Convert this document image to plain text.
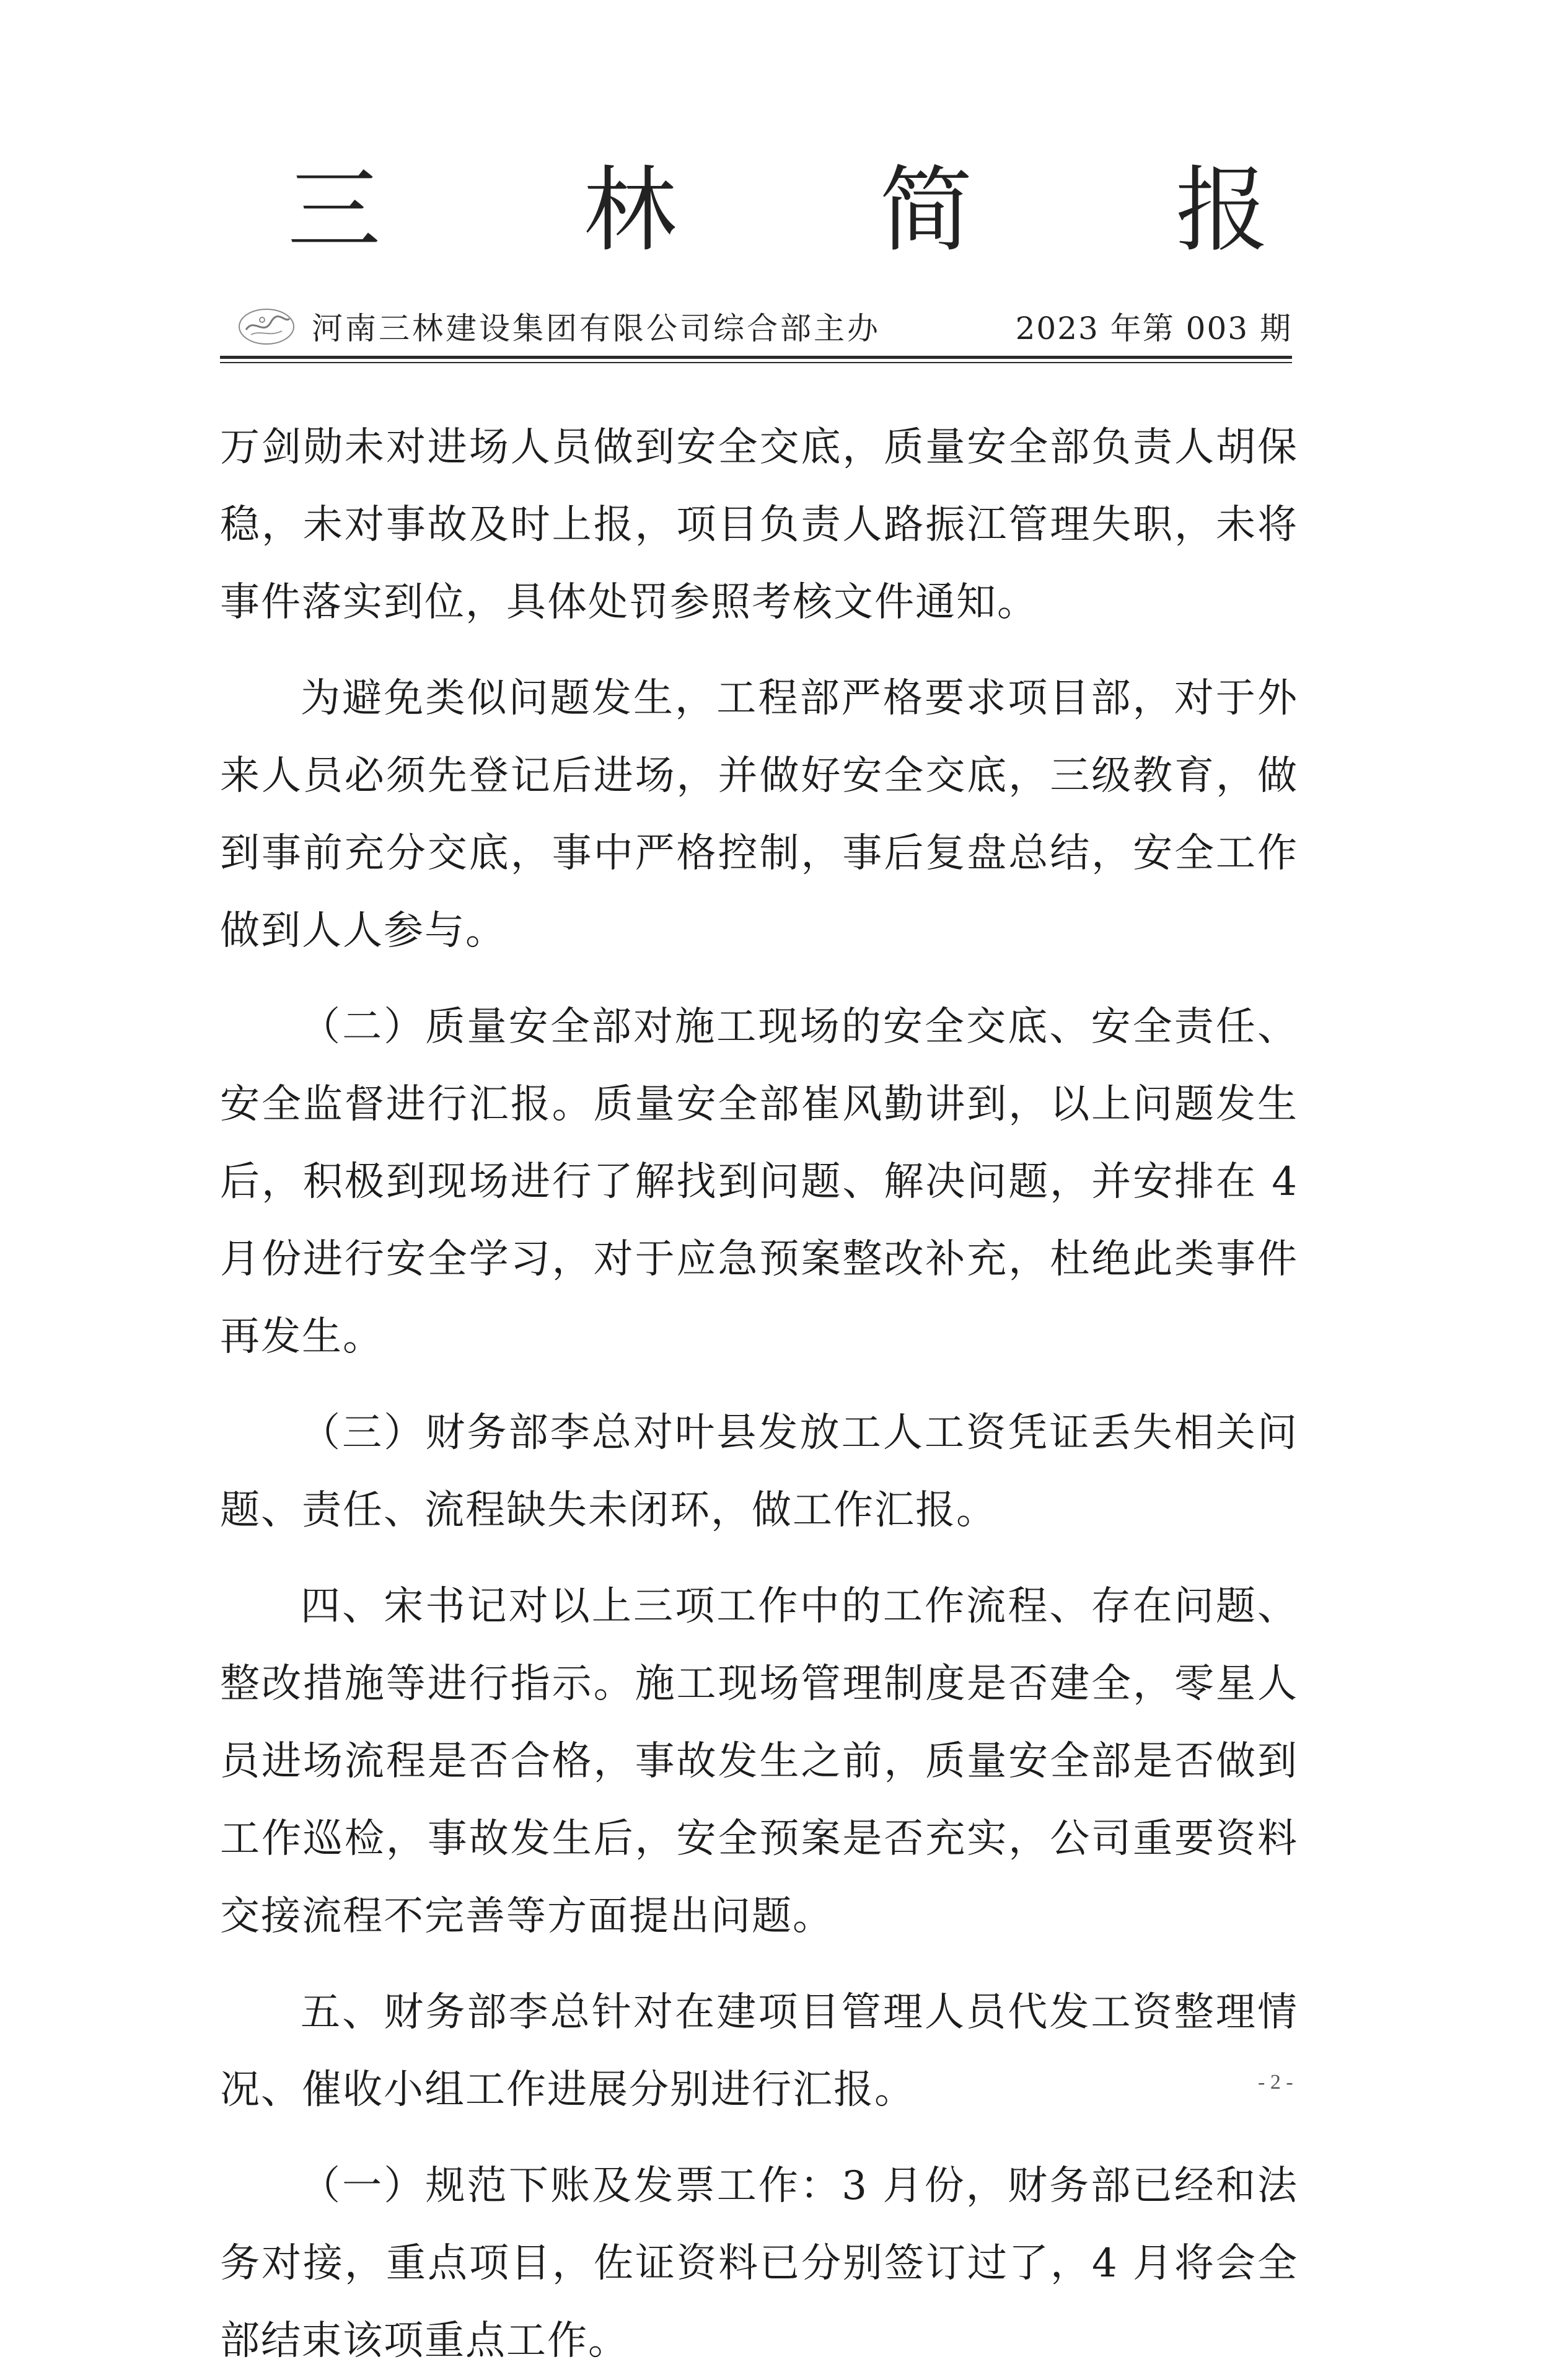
三 林 简 报
河南三林建设集团有限公司综合部主办	2023 年第 003 期

万剑勋未对进场人员做到安全交底，质量安全部负责人胡保稳，未对事故及时上报，项目负责人路振江管理失职，未将事件落实到位，具体处罚参照考核文件通知。

为避免类似问题发生，工程部严格要求项目部，对于外来人员必须先登记后进场，并做好安全交底，三级教育，做到事前充分交底，事中严格控制，事后复盘总结，安全工作做到人人参与。

（二）质量安全部对施工现场的安全交底、安全责任、安全监督进行汇报。质量安全部崔风勤讲到，以上问题发生后，积极到现场进行了解找到问题、解决问题，并安排在 4 月份进行安全学习，对于应急预案整改补充，杜绝此类事件再发生。

（三）财务部李总对叶县发放工人工资凭证丢失相关问题、责任、流程缺失未闭环，做工作汇报。

四、宋书记对以上三项工作中的工作流程、存在问题、整改措施等进行指示。施工现场管理制度是否建全，零星人员进场流程是否合格，事故发生之前，质量安全部是否做到工作巡检，事故发生后，安全预案是否充实，公司重要资料交接流程不完善等方面提出问题。

五、财务部李总针对在建项目管理人员代发工资整理情况、催收小组工作进展分别进行汇报。

（一）规范下账及发票工作：3 月份，财务部已经和法务对接，重点项目，佐证资料已分别签订过了，4 月将会全部结束该项重点工作。

- 2 -
